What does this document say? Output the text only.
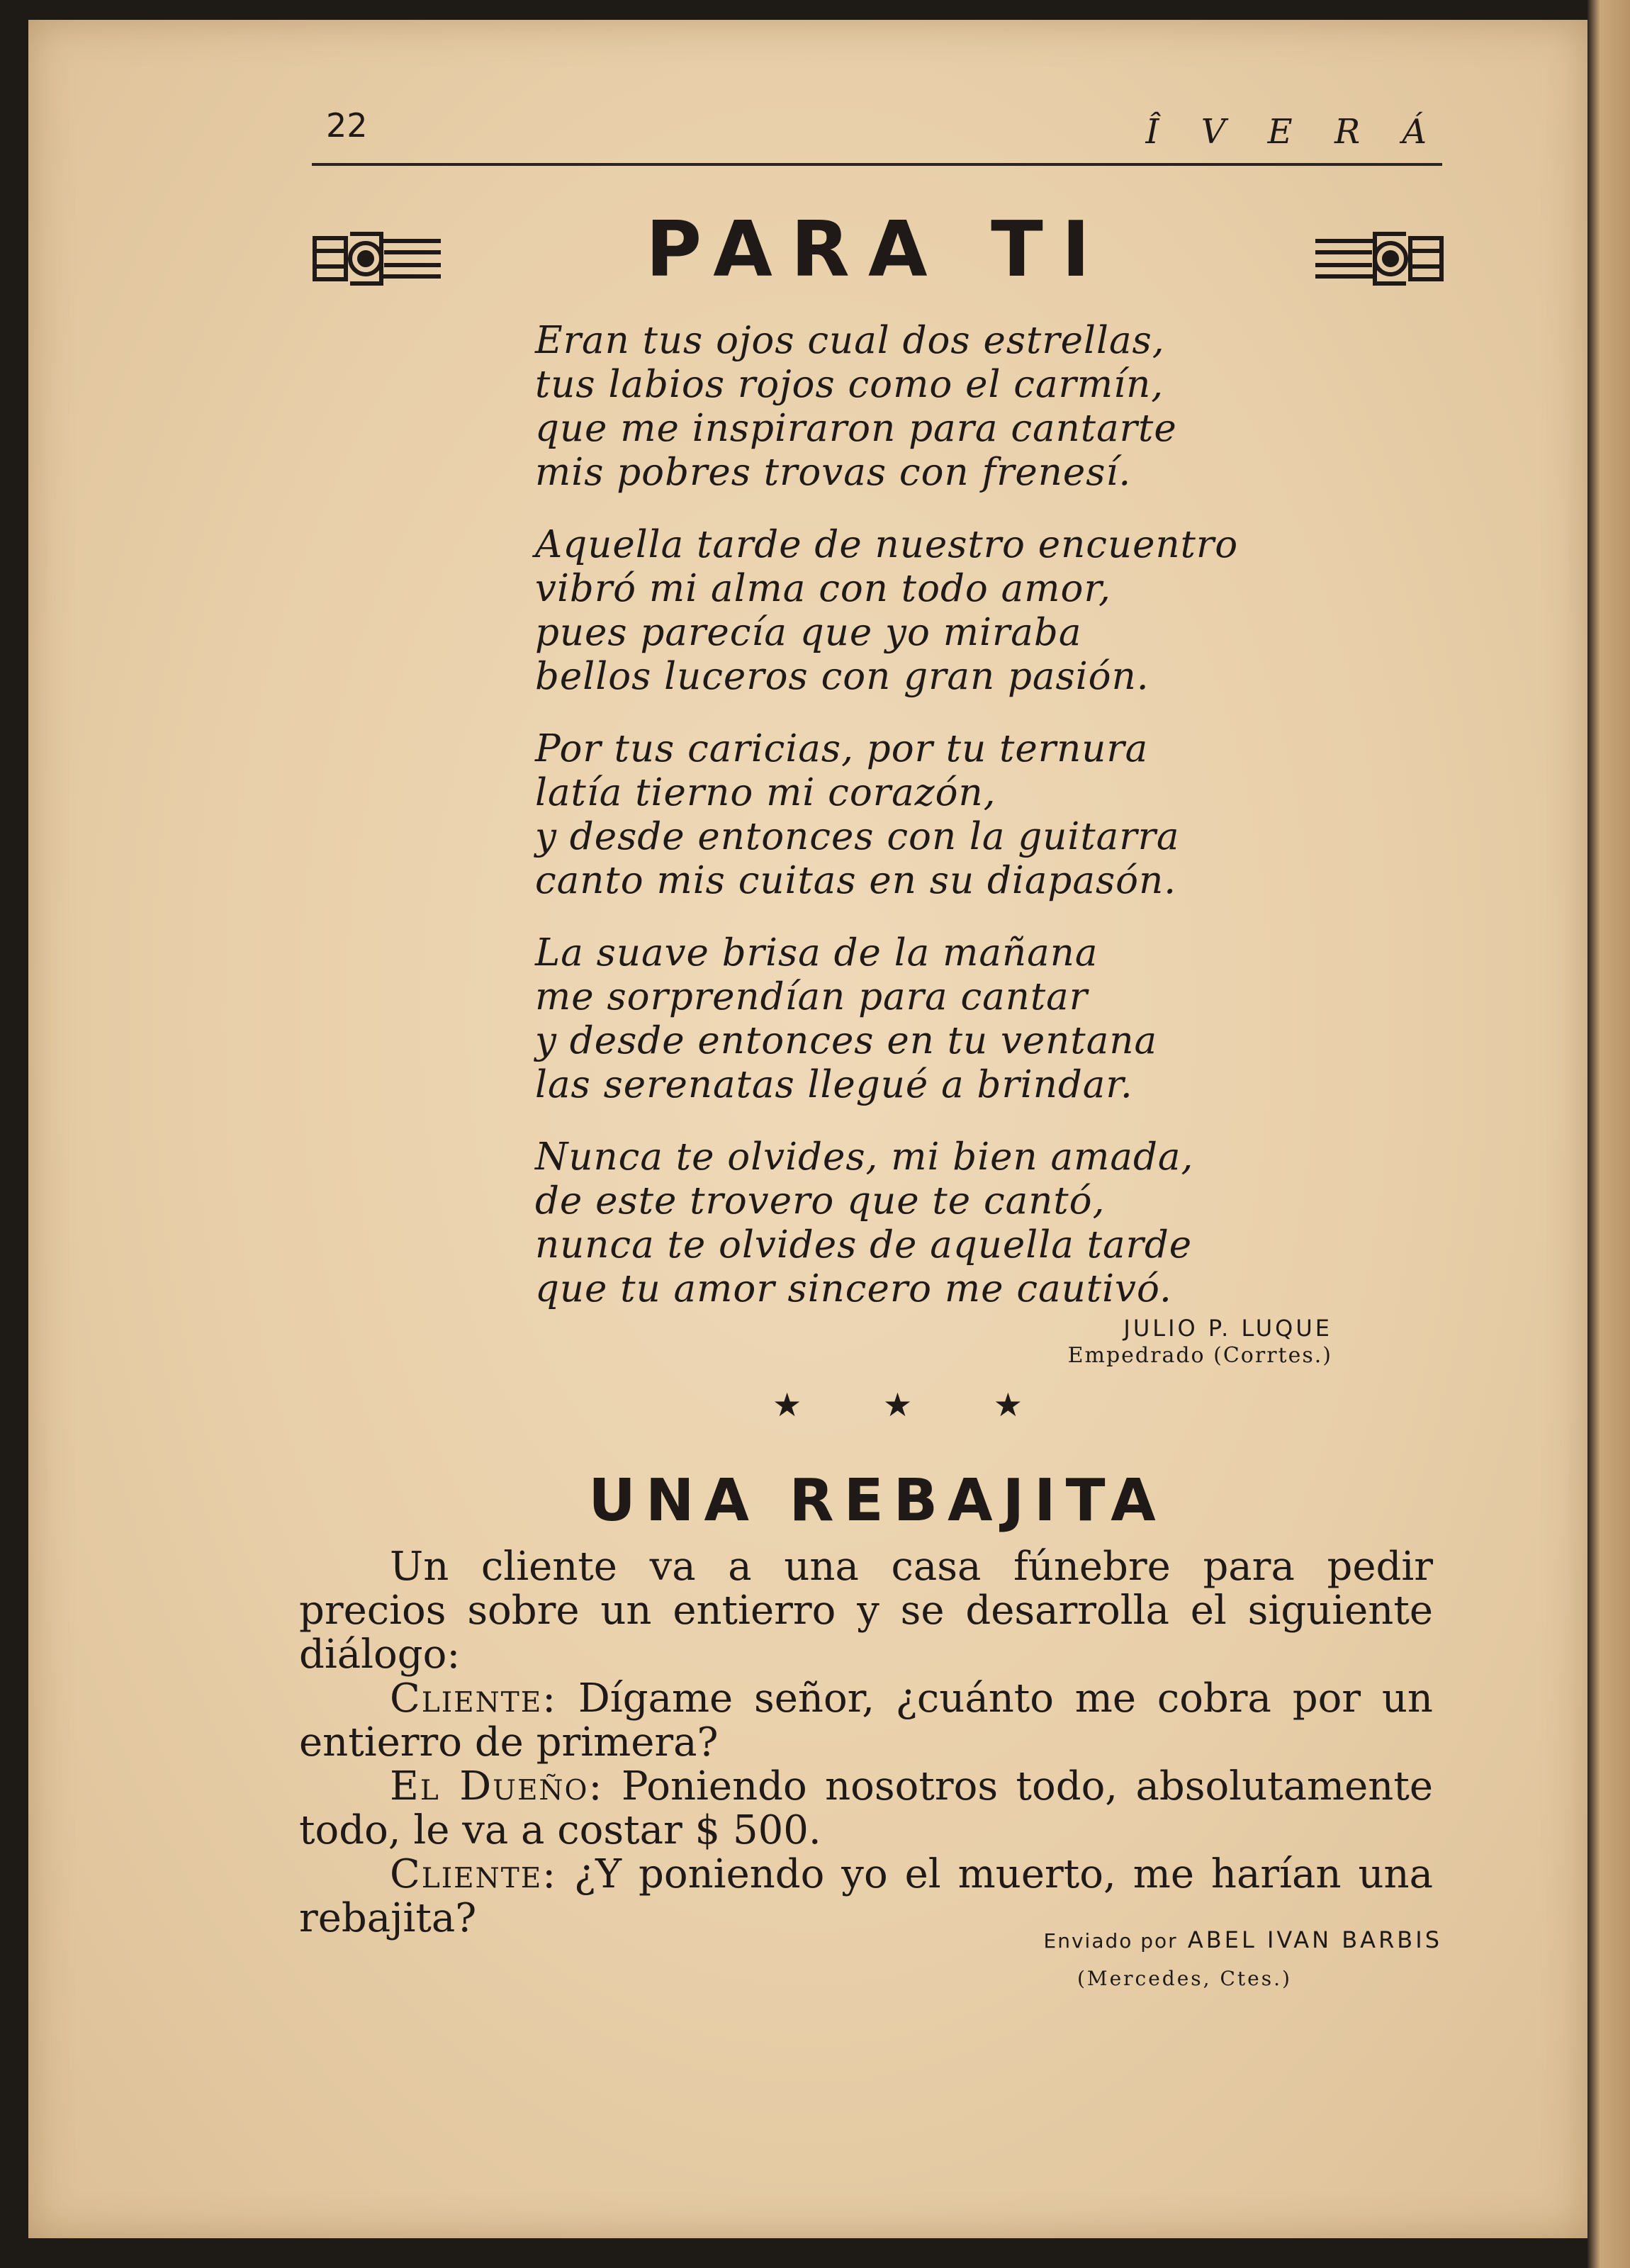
22	Î V E R Á
PARA TI
Eran tus ojos cual dos estrellas,
tus labios rojos como el carmín,
que me inspiraron para cantarte
mis pobres trovas con frenesí.
Aquella tarde de nuestro encuentro
vibró mi alma con todo amor,
pues parecía que yo miraba
bellos luceros con gran pasión.
Por tus caricias, por tu ternura
latía tierno mi corazón,
y desde entonces con la guitarra
canto mis cuitas en su diapasón.
La suave brisa de la mañana
me sorprendían para cantar
y desde entonces en tu ventana
las serenatas llegué a brindar.
Nunca te olvides, mi bien amada,
de este trovero que te cantó,
nunca te olvides de aquella tarde
que tu amor sincero me cautivó.
JULIO P. LUQUE
Empedrado (Corrtes.)
★ ★ ★
UNA REBAJITA

Un cliente va a una casa fúnebre para pedir precios sobre un entierro y se desarrolla el siguiente diálogo:

Cliente: Dígame señor, ¿cuánto me cobra por un entierro de primera?

El Dueño: Poniendo nosotros todo, absolutamente todo, le va a costar $ 500.

Cliente: ¿Y poniendo yo el muerto, me harían una rebajita?	Enviado por ABEL IVAN BARBIS
(Mercedes, Ctes.)
